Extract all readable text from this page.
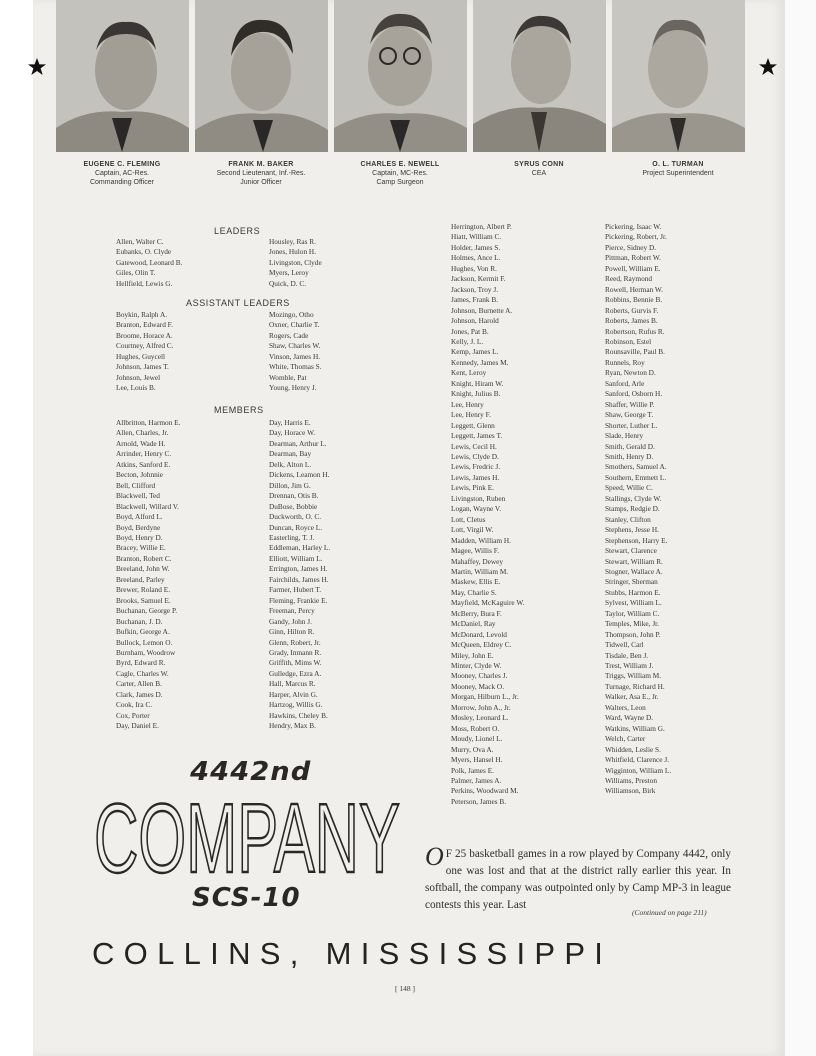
EUGENE C. FLEMING
Captain, AC-Res.
Commanding Officer
FRANK M. BAKER
Second Lieutenant, Inf.-Res.
Junior Officer
CHARLES E. NEWELL
Captain, MC-Res.
Camp Surgeon
SYRUS CONN
CEA
O. L. TURMAN
Project Superintendent
LEADERS
ASSISTANT LEADERS
MEMBERS
Allen, Walter C.
Eubanks, O. Clyde
Gatewood, Leonard B.
Giles, Olin T.
Hellfield, Lewis G.
Housley, Ras R.
Jones, Hulon H.
Livingston, Clyde
Myers, Leroy
Quick, D. C.
Boykin, Ralph A.
Branton, Edward F.
Broome, Horace A.
Courtney, Alfred C.
Hughes, Guycell
Johnson, James T.
Johnson, Jewel
Lee, Louis B.
Mozingo, Otho
Oxner, Charlie T.
Rogers, Cade
Shaw, Charles W.
Vinson, James H.
White, Thomas S.
Womble, Pat
Young, Henry J.
Allbritton, Harmon E.
Allen, Charles, Jr.
Arnold, Wade H.
Arrinder, Henry C.
Atkins, Sanford E.
Becton, Johnnie
Bell, Clifford
Blackwell, Ted
Blackwell, Willard V.
Boyd, Alford L.
Boyd, Berdyne
Boyd, Henry D.
Bracey, Willie E.
Branton, Robert C.
Breeland, John W.
Breeland, Parley
Brewer, Roland E.
Brooks, Samuel E.
Buchanan, George P.
Buchanan, J. D.
Bufkin, George A.
Bullock, Lemon O.
Burnham, Woodrow
Byrd, Edward R.
Cagle, Charles W.
Carter, Allen B.
Clark, James D.
Cook, Ira C.
Cox, Porter
Day, Daniel E.
Day, Harris E.
Day, Horace W.
Dearman, Arthur L.
Dearman, Bay
Delk, Alton L.
Dickens, Leamon H.
Dillon, Jim G.
Drennan, Otis B.
DuBose, Bobbie
Duckworth, O. C.
Duncan, Royce L.
Easterling, T. J.
Eddleman, Harley L.
Elliott, William L.
Errington, James H.
Fairchilds, James H.
Farmer, Hubert T.
Fleming, Frankie E.
Freeman, Percy
Gandy, John J.
Ginn, Hilton R.
Glenn, Robert, Jr.
Grady, Inmann R.
Griffith, Mims W.
Gulledge, Ezra A.
Hall, Marcus R.
Harper, Alvin G.
Hartzog, Willis G.
Hawkins, Cheley B.
Hendry, Max B.
Herrington, Albert P.
Hiatt, William C.
Holder, James S.
Holmes, Ance L.
Hughes, Von R.
Jackson, Kermit F.
Jackson, Troy J.
James, Frank B.
Johnson, Burnette A.
Johnson, Harold
Jones, Pat B.
Kelly, J. L.
Kemp, James L.
Kennedy, James M.
Kent, Leroy
Knight, Hiram W.
Knight, Julius B.
Lee, Henry
Lee, Henry F.
Leggett, Glenn
Leggett, James T.
Lewis, Cecil H.
Lewis, Clyde D.
Lewis, Fredric J.
Lewis, James H.
Lewis, Pink E.
Livingston, Ruben
Logan, Wayne V.
Lott, Cletus
Lott, Virgil W.
Madden, William H.
Magee, Willis F.
Mahaffey, Dewey
Martin, William M.
Maskew, Ellis E.
May, Charlie S.
Mayfield, McKaguire W.
McBerry, Bura F.
McDaniel, Ray
McDonard, Levold
McQueen, Eldrey C.
Miley, John E.
Minter, Clyde W.
Mooney, Charles J.
Mooney, Mack O.
Morgan, Hilburn L., Jr.
Morrow, John A., Jr.
Mosley, Leonard L.
Moss, Robert O.
Moudy, Lionel L.
Murry, Ova A.
Myers, Hansel H.
Polk, James E.
Palmer, James A.
Perkins, Woodward M.
Peterson, James B.
Pickering, Isaac W.
Pickering, Robert, Jr.
Pierce, Sidney D.
Pittman, Robert W.
Powell, William E.
Reed, Raymond
Rowell, Herman W.
Robbins, Bennie B.
Roberts, Gurvis F.
Roberts, James B.
Robertson, Rufus R.
Robinson, Estel
Rounsaville, Paul B.
Runnels, Roy
Ryan, Newton D.
Sanford, Arle
Sanford, Osborn H.
Shaffer, Willie P.
Shaw, George T.
Shorter, Luther L.
Slade, Henry
Smith, Gerald D.
Smith, Henry D.
Smothers, Samuel A.
Southern, Emmett L.
Speed, Willie C.
Stallings, Clyde W.
Stamps, Redgie D.
Stanley, Clifton
Stephens, Jesse H.
Stephenson, Harry E.
Stewart, Clarence
Stewart, William R.
Stogner, Wallace A.
Stringer, Sherman
Stubbs, Harmon E.
Sylvest, William L.
Taylor, William C.
Temples, Mike, Jr.
Thompson, John P.
Tidwell, Carl
Tisdale, Ben J.
Trest, William J.
Triggs, William M.
Turnage, Richard H.
Walker, Asa E., Jr.
Walters, Leon
Ward, Wayne D.
Watkins, William G.
Welch, Carter
Whidden, Leslie S.
Whitfield, Clarence J.
Wigginton, William L.
Williams, Preston
Williamson, Birk
4442nd
COMPANY
SCS-10
COLLINS, MISSISSIPPI
O F 25 basketball games in a row played by Company 4442, only one was lost and that at the district rally earlier this year. In softball, the company was outpointed only by Camp MP-3 in league contests this year. Last
(Continued on page 211)
[ 148 ]
